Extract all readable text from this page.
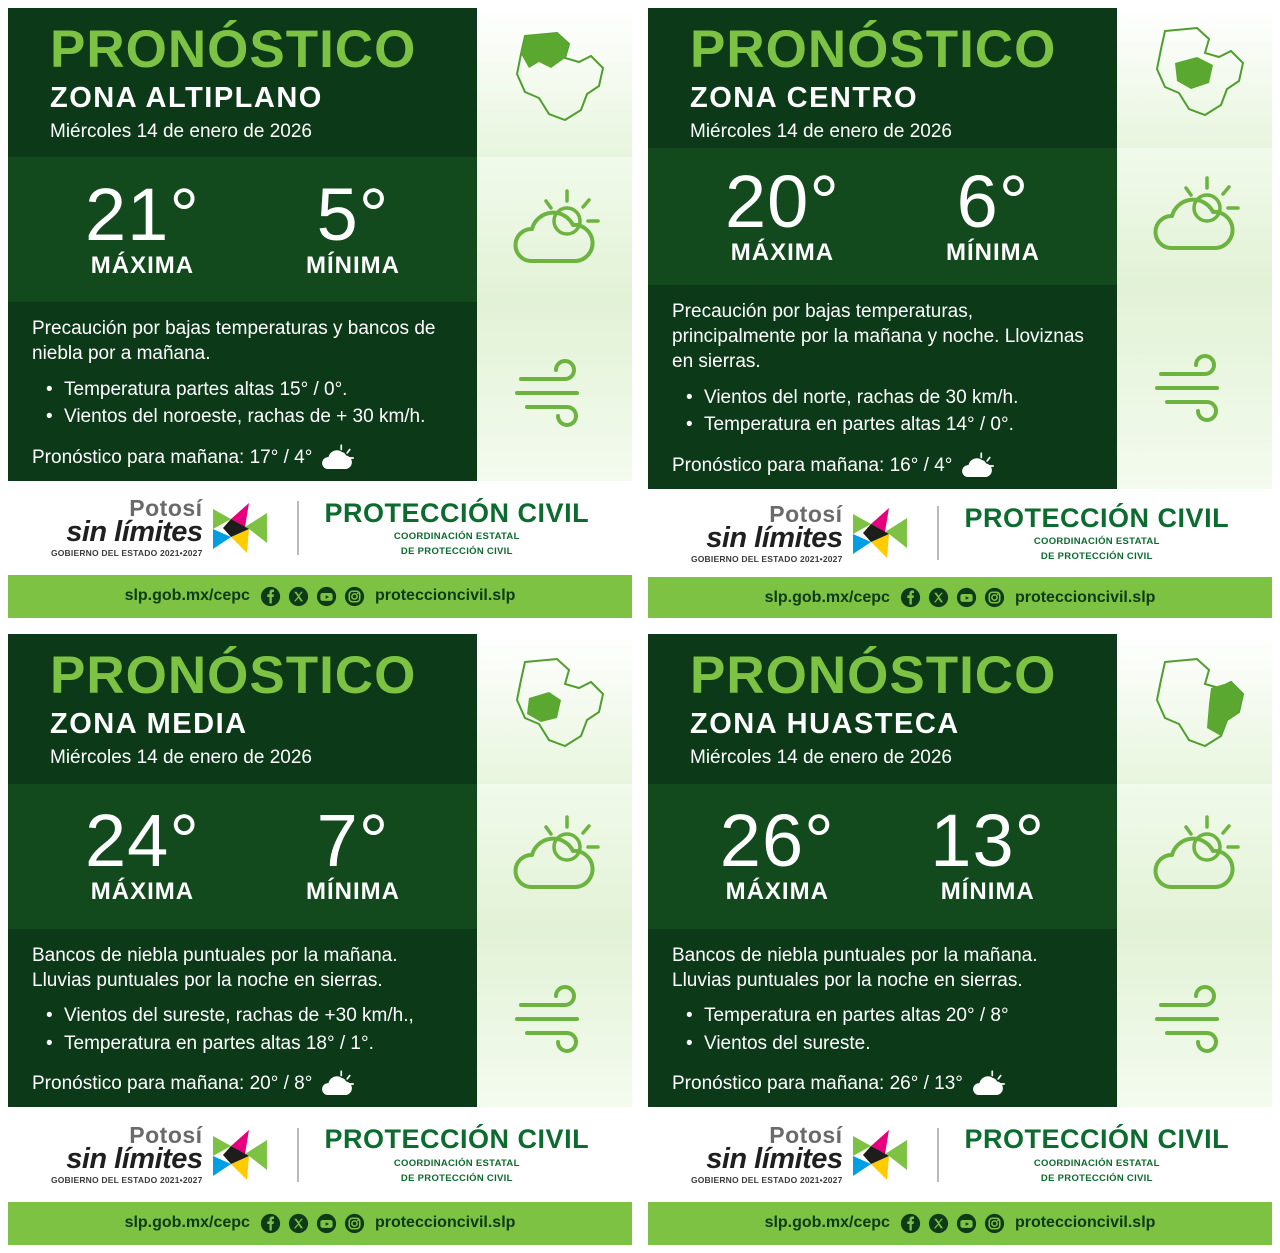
PRONÓSTICO
ZONA ALTIPLANO
Miércoles 14 de enero de 2026
21°
MÁXIMA
5°
MÍNIMA
Precaución por bajas temperaturas y bancos de niebla por a mañana.
• Temperatura partes altas 15° / 0°.
• Vientos del noroeste, rachas de + 30 km/h.
Pronóstico para mañana: 17° / 4°
Potosí
sin límites
GOBIERNO DEL ESTADO 2021•2027
PROTECCIÓN CIVIL
COORDINACIÓN ESTATAL
DE PROTECCIÓN CIVIL
slp.gob.mx/cepc	proteccioncivil.slp
PRONÓSTICO
ZONA CENTRO
Miércoles 14 de enero de 2026
20°
MÁXIMA
6°
MÍNIMA
Precaución por bajas temperaturas, principalmente por la mañana y noche. Lloviznas en sierras.
• Vientos del norte, rachas de 30 km/h.
• Temperatura en partes altas 14° / 0°.
Pronóstico para mañana: 16° / 4°
Potosí
sin límites
GOBIERNO DEL ESTADO 2021•2027
PROTECCIÓN CIVIL
COORDINACIÓN ESTATAL
DE PROTECCIÓN CIVIL
slp.gob.mx/cepc	proteccioncivil.slp
PRONÓSTICO
ZONA MEDIA
Miércoles 14 de enero de 2026
24°
MÁXIMA
7°
MÍNIMA
Bancos de niebla puntuales por la mañana. Lluvias puntuales por la noche en sierras.
• Vientos del sureste, rachas de +30 km/h.,
• Temperatura en partes altas 18° / 1°.
Pronóstico para mañana: 20° / 8°
Potosí
sin límites
GOBIERNO DEL ESTADO 2021•2027
PROTECCIÓN CIVIL
COORDINACIÓN ESTATAL
DE PROTECCIÓN CIVIL
slp.gob.mx/cepc	proteccioncivil.slp
PRONÓSTICO
ZONA HUASTECA
Miércoles 14 de enero de 2026
26°
MÁXIMA
13°
MÍNIMA
Bancos de niebla puntuales por la mañana. Lluvias puntuales por la noche en sierras.
• Temperatura en partes altas 20° / 8°
• Vientos del sureste.
Pronóstico para mañana: 26° / 13°
Potosí
sin límites
GOBIERNO DEL ESTADO 2021•2027
PROTECCIÓN CIVIL
COORDINACIÓN ESTATAL
DE PROTECCIÓN CIVIL
slp.gob.mx/cepc	proteccioncivil.slp
